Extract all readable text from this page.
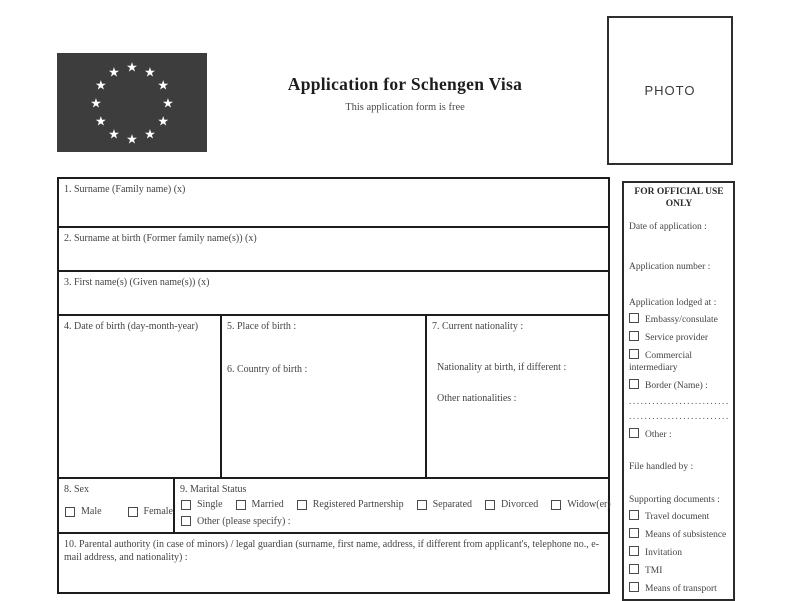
★ ★
★
★
★
★
★
★
★
★
★
★
Application for Schengen Visa

This application form is free

PHOTO
1. Surname (Family name) (x)
2. Surname at birth (Former family name(s)) (x)
3. First name(s) (Given name(s)) (x)
4. Date of birth (day-month-year)	5. Place of birth :
6. Country of birth :
7. Current nationality :
Nationality at birth, if different :
Other nationalities :
8. Sex
Male	Female
9. Marital Status
Single	Married	Registered Partnership	Separated	Divorced	Widow(er)
Other (please specify) :
10. Parental authority (in case of minors) / legal guardian (surname, first name, address, if different from applicant's, telephone no., e-mail address, and nationality) :
FOR OFFICIAL USE
ONLY
Date of application :
Application number :
Application lodged at :
Embassy/consulate
Service provider
Commercial intermediary
Border (Name) :
..........................
..........................
Other :
File handled by :
Supporting documents :
Travel document
Means of subsistence
Invitation
TMI
Means of transport
